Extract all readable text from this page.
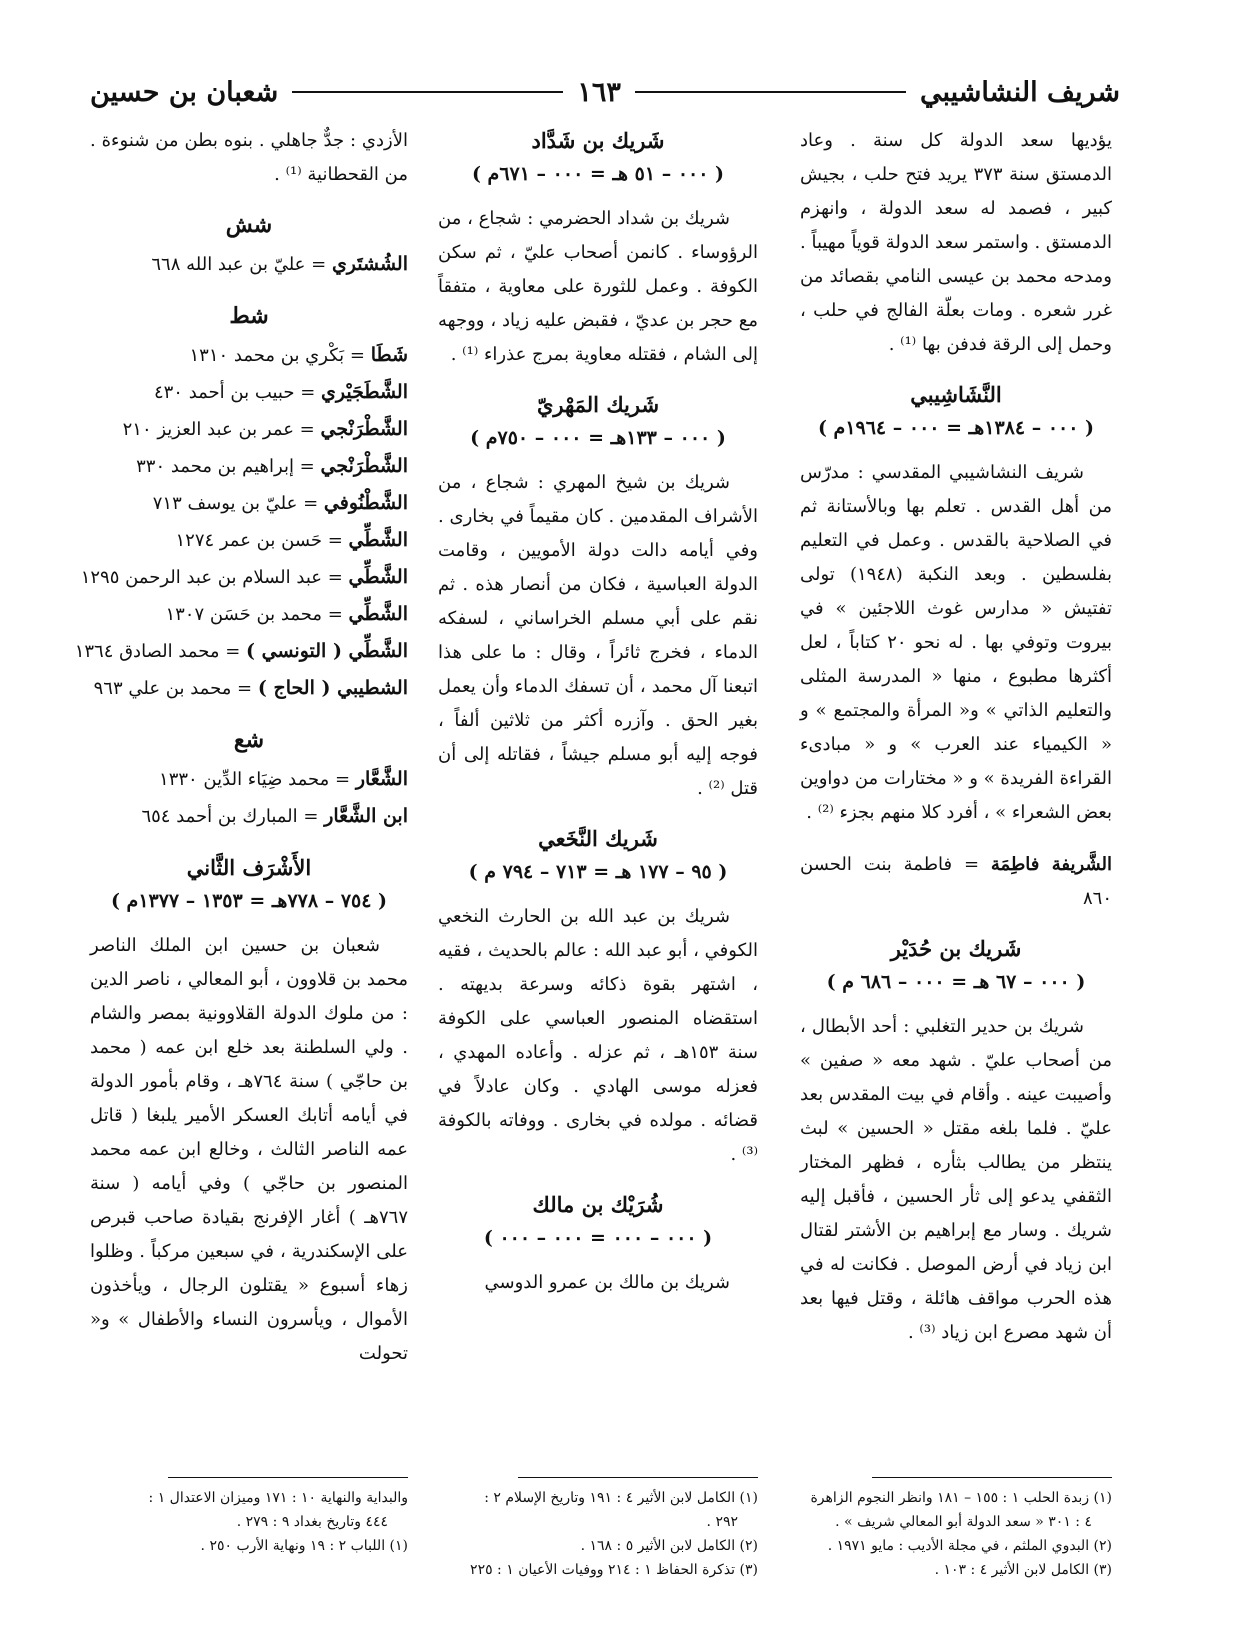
شريف النشاشيبي
١٦٣
شعبان بن حسين

يؤديها سعد الدولة كل سنة . وعاد الدمستق سنة ٣٧٣ يريد فتح حلب ، بجيش كبير ، فصمد له سعد الدولة ، وانهزم الدمستق . واستمر سعد الدولة قوياً مهيباً . ومدحه محمد بن عيسى النامي بقصائد من غرر شعره . ومات بعلّة الفالج في حلب ، وحمل إلى الرقة فدفن بها ⁽¹⁾ .

النَّشَاشِيبي
( ٠٠٠ – ١٣٨٤هـ = ٠٠٠ – ١٩٦٤م )

شريف النشاشيبي المقدسي : مدرّس من أهل القدس . تعلم بها وبالأستانة ثم في الصلاحية بالقدس . وعمل في التعليم بفلسطين . وبعد النكبة (١٩٤٨) تولى تفتيش « مدارس غوث اللاجئين » في بيروت وتوفي بها . له نحو ٢٠ كتاباً ، لعل أكثرها مطبوع ، منها « المدرسة المثلى والتعليم الذاتي » و« المرأة والمجتمع » و « الكيمياء عند العرب » و « مبادىء القراءة الفريدة » و « مختارات من دواوين بعض الشعراء » ، أفرد كلا منهم بجزء ⁽²⁾ .

الشَّريفة فاطِمَة = فاطمة بنت الحسن ٨٦٠

شَريك بن حُدَيْر
( ٠٠٠ – ٦٧ هـ = ٠٠٠ – ٦٨٦ م )

شريك بن حدير التغلبي : أحد الأبطال ، من أصحاب عليّ . شهد معه « صفين » وأصيبت عينه . وأقام في بيت المقدس بعد عليّ . فلما بلغه مقتل « الحسين » لبث ينتظر من يطالب بثأره ، فظهر المختار الثقفي يدعو إلى ثأر الحسين ، فأقبل إليه شريك . وسار مع إبراهيم بن الأشتر لقتال ابن زياد في أرض الموصل . فكانت له في هذه الحرب مواقف هائلة ، وقتل فيها بعد أن شهد مصرع ابن زياد ⁽³⁾ .

شَريك بن شَدَّاد
( ٠٠٠ – ٥١ هـ = ٠٠٠ – ٦٧١م )

شريك بن شداد الحضرمي : شجاع ، من الرؤوساء . كانمن أصحاب عليّ ، ثم سكن الكوفة . وعمل للثورة على معاوية ، متفقاً مع حجر بن عديّ ، فقبض عليه زياد ، ووجهه إلى الشام ، فقتله معاوية بمرج عذراء ⁽¹⁾ .

شَريك المَهْريّ
( ٠٠٠ – ١٣٣هـ = ٠٠٠ – ٧٥٠م )

شريك بن شيخ المهري : شجاع ، من الأشراف المقدمين . كان مقيماً في بخارى . وفي أيامه دالت دولة الأمويين ، وقامت الدولة العباسية ، فكان من أنصار هذه . ثم نقم على أبي مسلم الخراساني ، لسفكه الدماء ، فخرج ثائراً ، وقال : ما على هذا اتبعنا آل محمد ، أن تسفك الدماء وأن يعمل بغير الحق . وآزره أكثر من ثلاثين ألفاً ، فوجه إليه أبو مسلم جيشاً ، فقاتله إلى أن قتل ⁽²⁾ .

شَريك النَّخَعي
( ٩٥ – ١٧٧ هـ = ٧١٣ – ٧٩٤ م )

شريك بن عبد الله بن الحارث النخعي الكوفي ، أبو عبد الله : عالم بالحديث ، فقيه ، اشتهر بقوة ذكائه وسرعة بديهته . استقضاه المنصور العباسي على الكوفة سنة ١٥٣هـ ، ثم عزله . وأعاده المهدي ، فعزله موسى الهادي . وكان عادلاً في قضائه . مولده في بخارى . ووفاته بالكوفة ⁽³⁾ .

شُرَيْك بن مالك
( ٠٠٠ – ٠٠٠ = ٠٠٠ – ٠٠٠ )

شريك بن مالك بن عمرو الدوسي

الأزدي : جدٌّ جاهلي . بنوه بطن من شنوءة . من القحطانية ⁽¹⁾ .

شش

الشُشتَري = عليّ بن عبد الله ٦٦٨

شط

شَطَا = بَكْري بن محمد ١٣١٠

الشَّطَجَيْري = حبيب بن أحمد ٤٣٠

الشَّطْرَنْجي = عمر بن عبد العزيز ٢١٠

الشَّطْرَنْجي = إبراهيم بن محمد ٣٣٠

الشَّطْنُوفي = عليّ بن يوسف ٧١٣

الشَّطِّي = حَسن بن عمر ١٢٧٤

الشَّطِّي = عبد السلام بن عبد الرحمن ١٢٩٥

الشَّطِّي = محمد بن حَسَن ١٣٠٧

الشَّطِّي ( التونسي ) = محمد الصادق ١٣٦٤

الشطيبي ( الحاج ) = محمد بن علي ٩٦٣

شع

الشَّعَّار = محمد ضِيَاء الدِّين ١٣٣٠

ابن الشَّعَّار = المبارك بن أحمد ٦٥٤

الأَشْرَف الثَّاني
( ٧٥٤ – ٧٧٨هـ = ١٣٥٣ – ١٣٧٧م )

شعبان بن حسين ابن الملك الناصر محمد بن قلاوون ، أبو المعالي ، ناصر الدين : من ملوك الدولة القلاوونية بمصر والشام . ولي السلطنة بعد خلع ابن عمه ( محمد بن حاجّي ) سنة ٧٦٤هـ ، وقام بأمور الدولة في أيامه أتابك العسكر الأمير يلبغا ( قاتل عمه الناصر الثالث ، وخالع ابن عمه محمد المنصور بن حاجّي ) وفي أيامه ( سنة ٧٦٧هـ ) أغار الإفرنج بقيادة صاحب قبرص على الإسكندرية ، في سبعين مركباً . وظلوا زهاء أسبوع « يقتلون الرجال ، ويأخذون الأموال ، ويأسرون النساء والأطفال » و« تحولت

(١) زبدة الحلب ١ : ١٥٥ – ١٨١ وانظر النجوم الزاهرة

٤ : ٣٠١ « سعد الدولة أبو المعالي شريف » .

(٢) البدوي الملثم ، في مجلة الأديب : مايو ١٩٧١ .

(٣) الكامل لابن الأثير ٤ : ١٠٣ .

(١) الكامل لابن الأثير ٤ : ١٩١ وتاريخ الإسلام ٢ :

٢٩٢ .

(٢) الكامل لابن الأثير ٥ : ١٦٨ .

(٣) تذكرة الحفاظ ١ : ٢١٤ ووفيات الأعيان ١ : ٢٢٥

والبداية والنهاية ١٠ : ١٧١ وميزان الاعتدال ١ :

٤٤٤ وتاريخ بغداد ٩ : ٢٧٩ .

(١) اللباب ٢ : ١٩ ونهاية الأرب ٢٥٠ .
